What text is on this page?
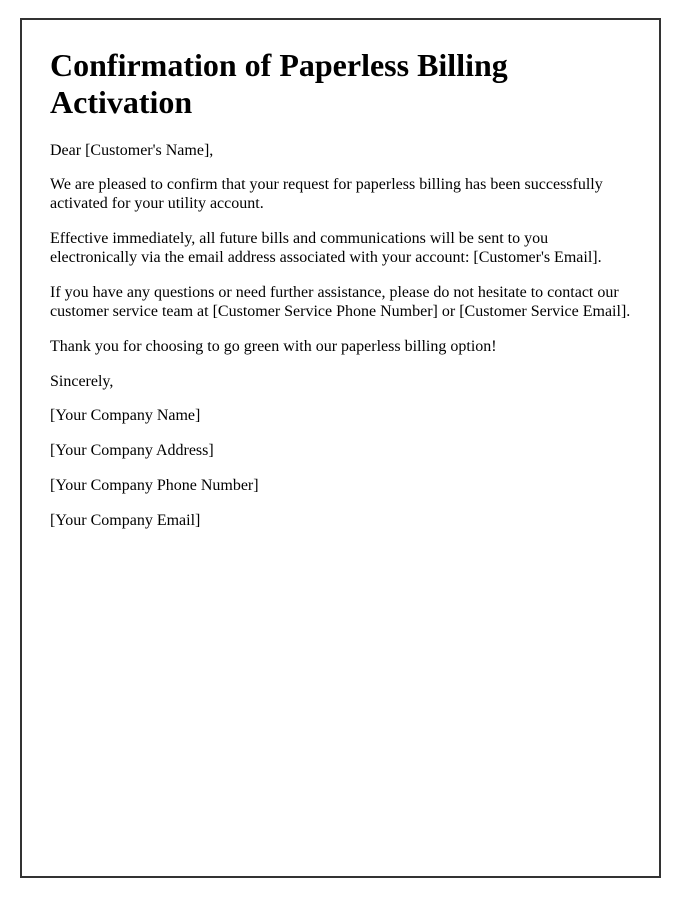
Confirmation of Paperless Billing Activation

Dear [Customer's Name],

We are pleased to confirm that your request for paperless billing has been successfully activated for your utility account.

Effective immediately, all future bills and communications will be sent to you electronically via the email address associated with your account: [Customer's Email].

If you have any questions or need further assistance, please do not hesitate to contact our customer service team at [Customer Service Phone Number] or [Customer Service Email].

Thank you for choosing to go green with our paperless billing option!

Sincerely,

[Your Company Name]

[Your Company Address]

[Your Company Phone Number]

[Your Company Email]
